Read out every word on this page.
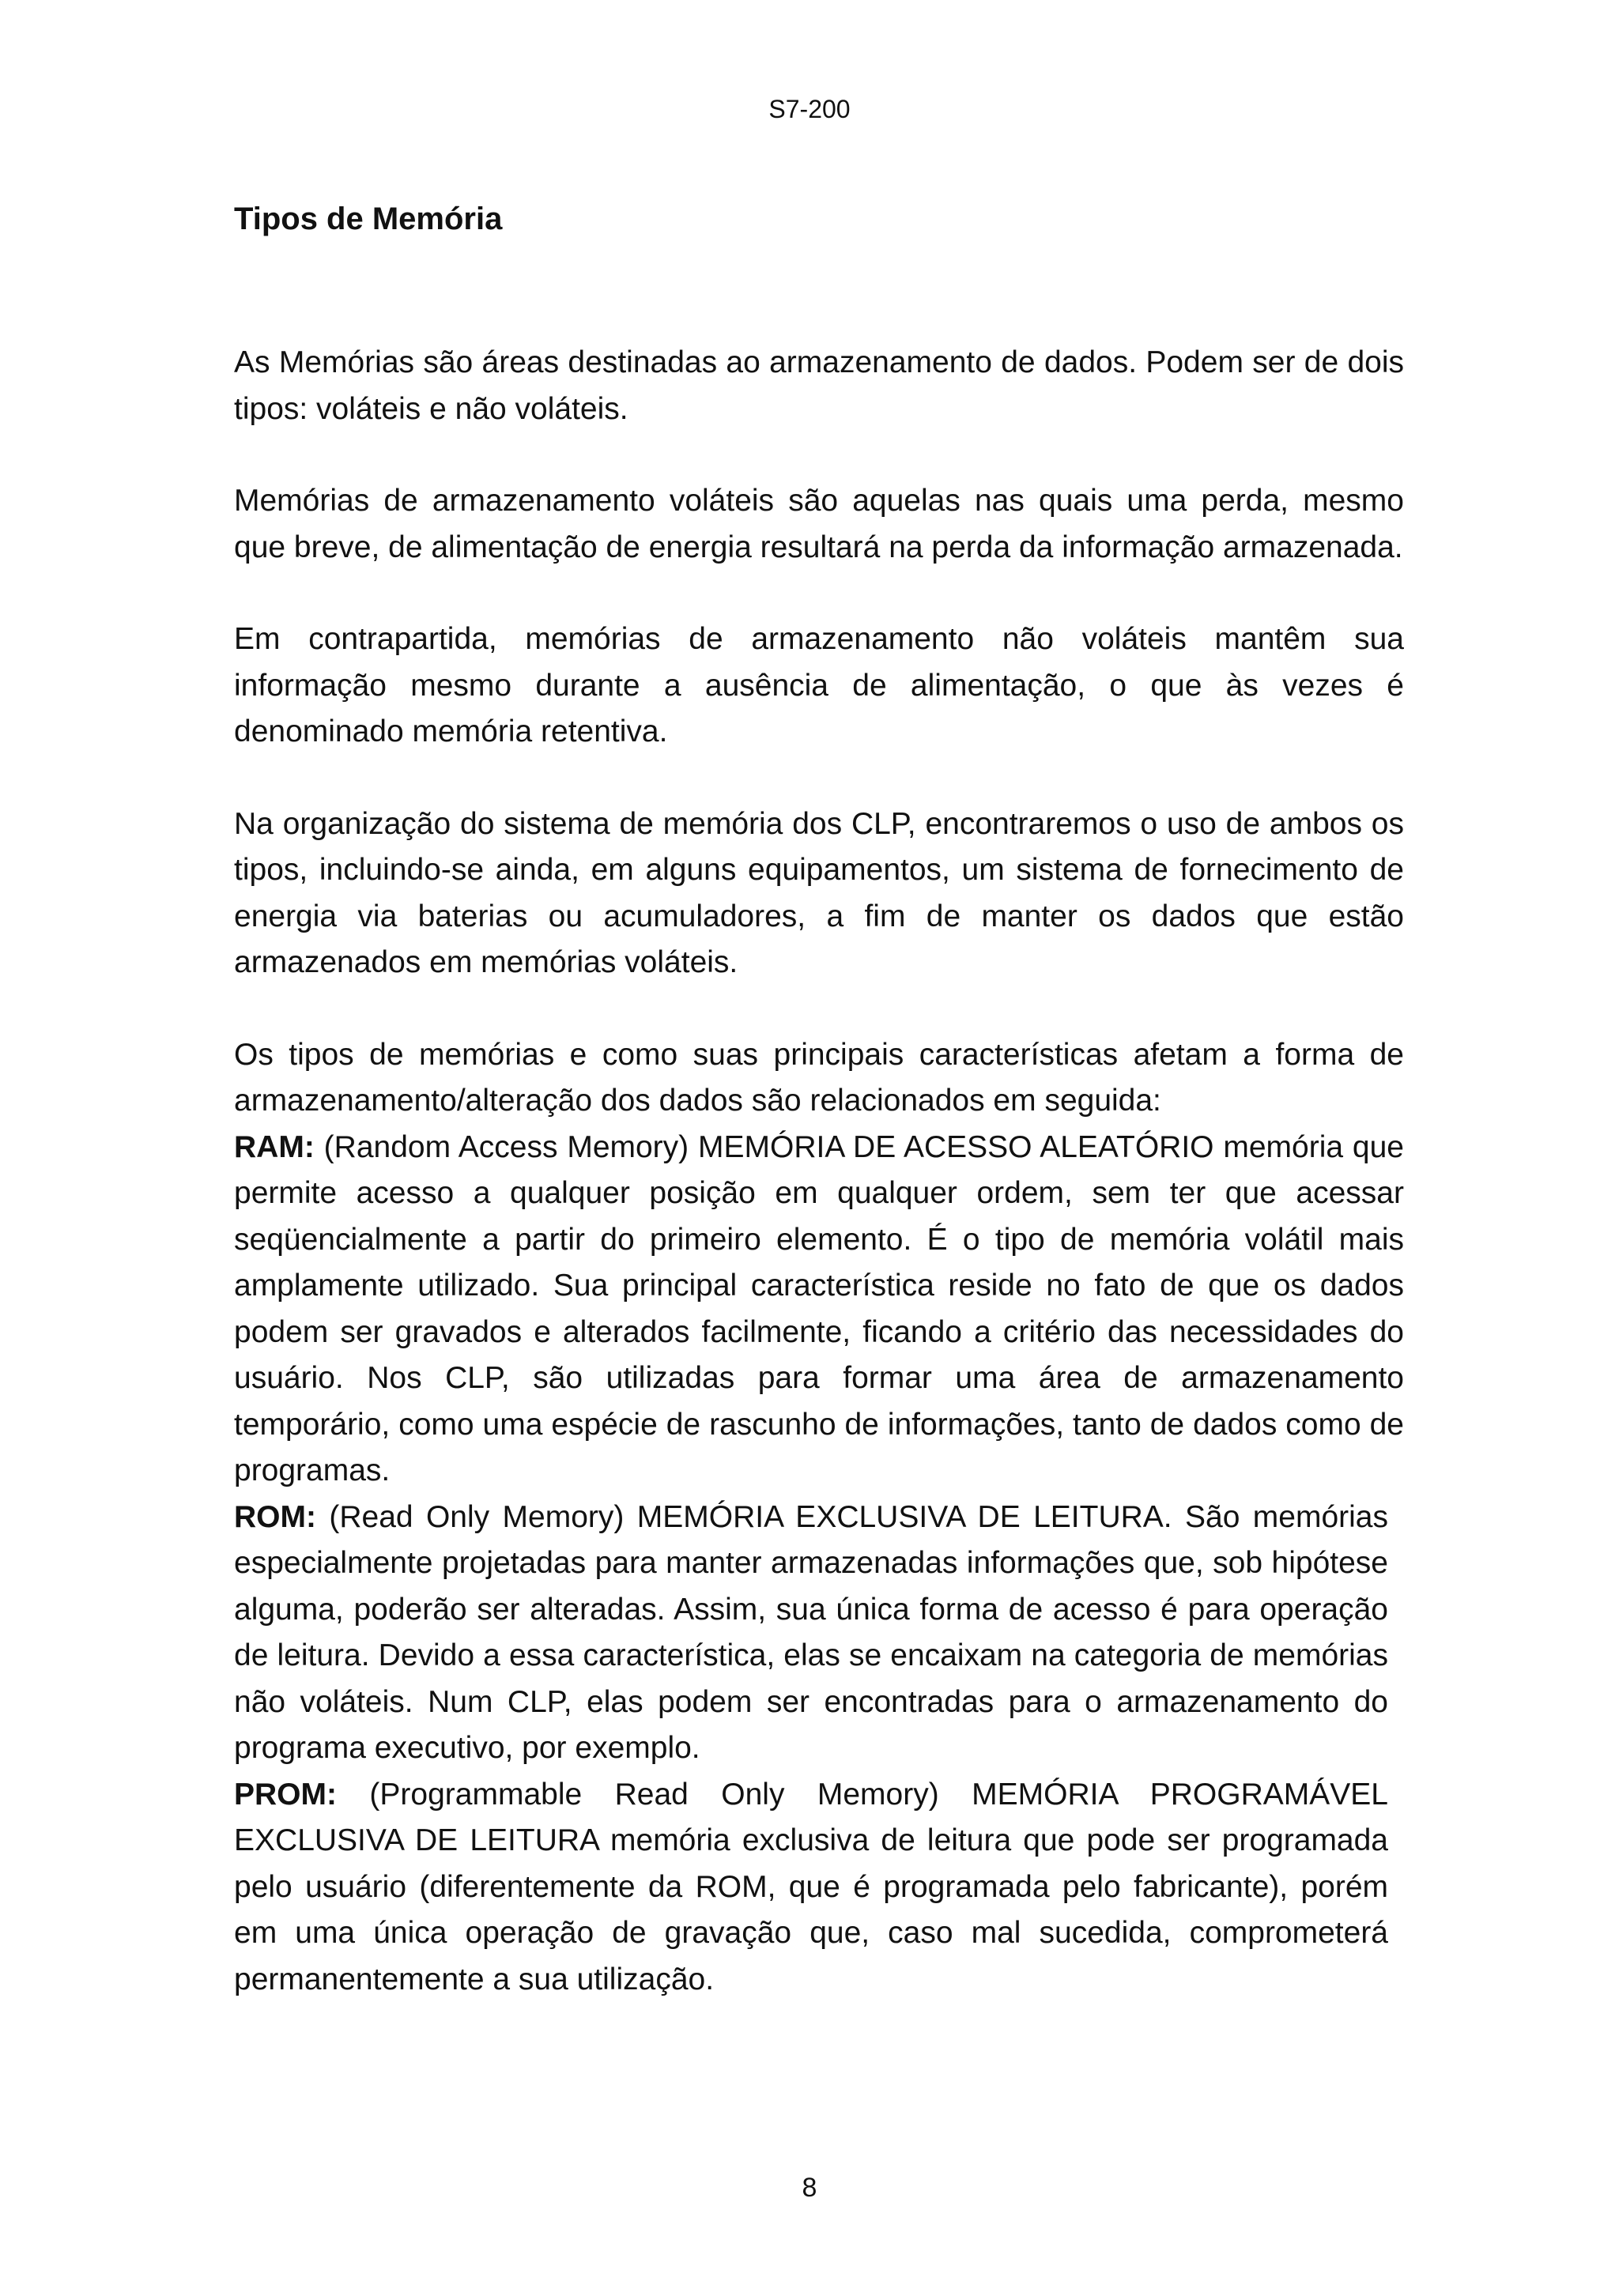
S7-200
Tipos de Memória

As Memórias são áreas destinadas ao armazenamento de dados. Podem ser de dois tipos: voláteis e não voláteis.

Memórias de armazenamento voláteis são aquelas nas quais uma perda, mesmo que breve, de alimentação de energia resultará na perda da informação armazenada.

Em contrapartida, memórias de armazenamento não voláteis mantêm sua informação mesmo durante a ausência de alimentação, o que às vezes é denominado memória retentiva.

Na organização do sistema de memória dos CLP, encontraremos o uso de ambos os tipos, incluindo-se ainda, em alguns equipamentos, um sistema de fornecimento de energia via baterias ou acumuladores, a fim de manter os dados que estão armazenados em memórias voláteis.

Os tipos de memórias e como suas principais características afetam a forma de armazenamento/alteração dos dados são relacionados em seguida:

RAM: (Random Access Memory) MEMÓRIA DE ACESSO ALEATÓRIO memória que permite acesso a qualquer posição em qualquer ordem, sem ter que acessar seqüencialmente a partir do primeiro elemento. É o tipo de memória volátil mais amplamente utilizado. Sua principal característica reside no fato de que os dados podem ser gravados e alterados facilmente, ficando a critério das necessidades do usuário. Nos CLP, são utilizadas para formar uma área de armazenamento temporário, como uma espécie de rascunho de informações, tanto de dados como de programas.

ROM: (Read Only Memory) MEMÓRIA EXCLUSIVA DE LEITURA. São memórias especialmente projetadas para manter armazenadas informações que, sob hipótese alguma, poderão ser alteradas. Assim, sua única forma de acesso é para operação de leitura. Devido a essa característica, elas se encaixam na categoria de memórias não voláteis. Num CLP, elas podem ser encontradas para o armazenamento do programa executivo, por exemplo.

PROM: (Programmable Read Only Memory) MEMÓRIA PROGRAMÁVEL EXCLUSIVA DE LEITURA memória exclusiva de leitura que pode ser programada pelo usuário (diferentemente da ROM, que é programada pelo fabricante), porém em uma única operação de gravação que, caso mal sucedida, comprometerá permanentemente a sua utilização.

8
